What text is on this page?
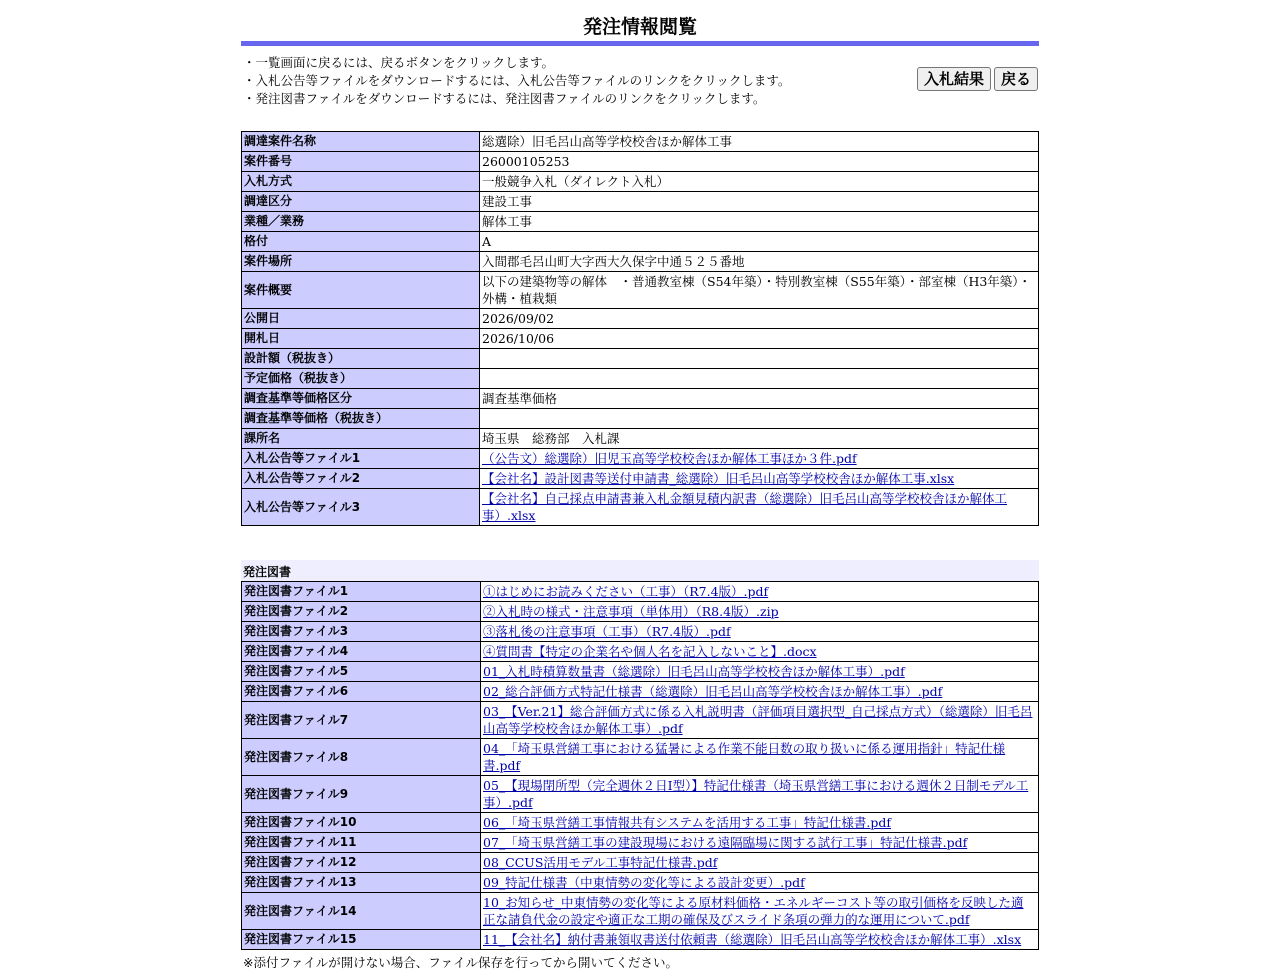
発注情報閲覧
・一覧画面に戻るには、戻るボタンをクリックします。
・入札公告等ファイルをダウンロードするには、入札公告等ファイルのリンクをクリックします。
・発注図書ファイルをダウンロードするには、発注図書ファイルのリンクをクリックします。
入札結果 戻る
調達案件名称	総選除）旧毛呂山高等学校校舎ほか解体工事
案件番号	26000105253
入札方式	一般競争入札（ダイレクト入札）
調達区分	建設工事
業種／業務	解体工事
格付	A
案件場所	入間郡毛呂山町大字西大久保字中通５２５番地
案件概要	以下の建築物等の解体　・普通教室棟（S54年築）・特別教室棟（S55年築）・部室棟（H3年築）・外構・植栽類
公開日	2026/09/02
開札日	2026/10/06
設計額（税抜き）	
予定価格（税抜き）	
調査基準等価格区分	調査基準価格
調査基準等価格（税抜き）	
課所名	埼玉県　総務部　入札課
入札公告等ファイル1	（公告文）総選除）旧児玉高等学校校舎ほか解体工事ほか３件.pdf
入札公告等ファイル2	【会社名】設計図書等送付申請書_総選除）旧毛呂山高等学校校舎ほか解体工事.xlsx
入札公告等ファイル3	【会社名】自己採点申請書兼入札金額見積内訳書（総選除）旧毛呂山高等学校校舎ほか解体工事）.xlsx
発注図書
発注図書ファイル1	①はじめにお読みください（工事）（R7.4版）.pdf
発注図書ファイル2	②入札時の様式・注意事項（単体用）（R8.4版）.zip
発注図書ファイル3	③落札後の注意事項（工事）（R7.4版）.pdf
発注図書ファイル4	④質問書【特定の企業名や個人名を記入しないこと】.docx
発注図書ファイル5	01_入札時積算数量書（総選除）旧毛呂山高等学校校舎ほか解体工事）.pdf
発注図書ファイル6	02_総合評価方式特記仕様書（総選除）旧毛呂山高等学校校舎ほか解体工事）.pdf
発注図書ファイル7	03_【Ver.21】総合評価方式に係る入札説明書（評価項目選択型_自己採点方式）（総選除）旧毛呂山高等学校校舎ほか解体工事）.pdf
発注図書ファイル8	04_「埼玉県営繕工事における猛暑による作業不能日数の取り扱いに係る運用指針」特記仕様書.pdf
発注図書ファイル9	05_【現場閉所型（完全週休２日Ⅰ型）】特記仕様書（埼玉県営繕工事における週休２日制モデル工事）.pdf
発注図書ファイル10	06_「埼玉県営繕工事情報共有システムを活用する工事」特記仕様書.pdf
発注図書ファイル11	07_「埼玉県営繕工事の建設現場における遠隔臨場に関する試行工事」特記仕様書.pdf
発注図書ファイル12	08_CCUS活用モデル工事特記仕様書.pdf
発注図書ファイル13	09_特記仕様書（中東情勢の変化等による設計変更）.pdf
発注図書ファイル14	10_お知らせ_中東情勢の変化等による原材料価格・エネルギーコスト等の取引価格を反映した適正な請負代金の設定や適正な工期の確保及びスライド条項の弾力的な運用について.pdf
発注図書ファイル15	11_【会社名】納付書兼領収書送付依頼書（総選除）旧毛呂山高等学校校舎ほか解体工事）.xlsx
※添付ファイルが開けない場合、ファイル保存を行ってから開いてください。
